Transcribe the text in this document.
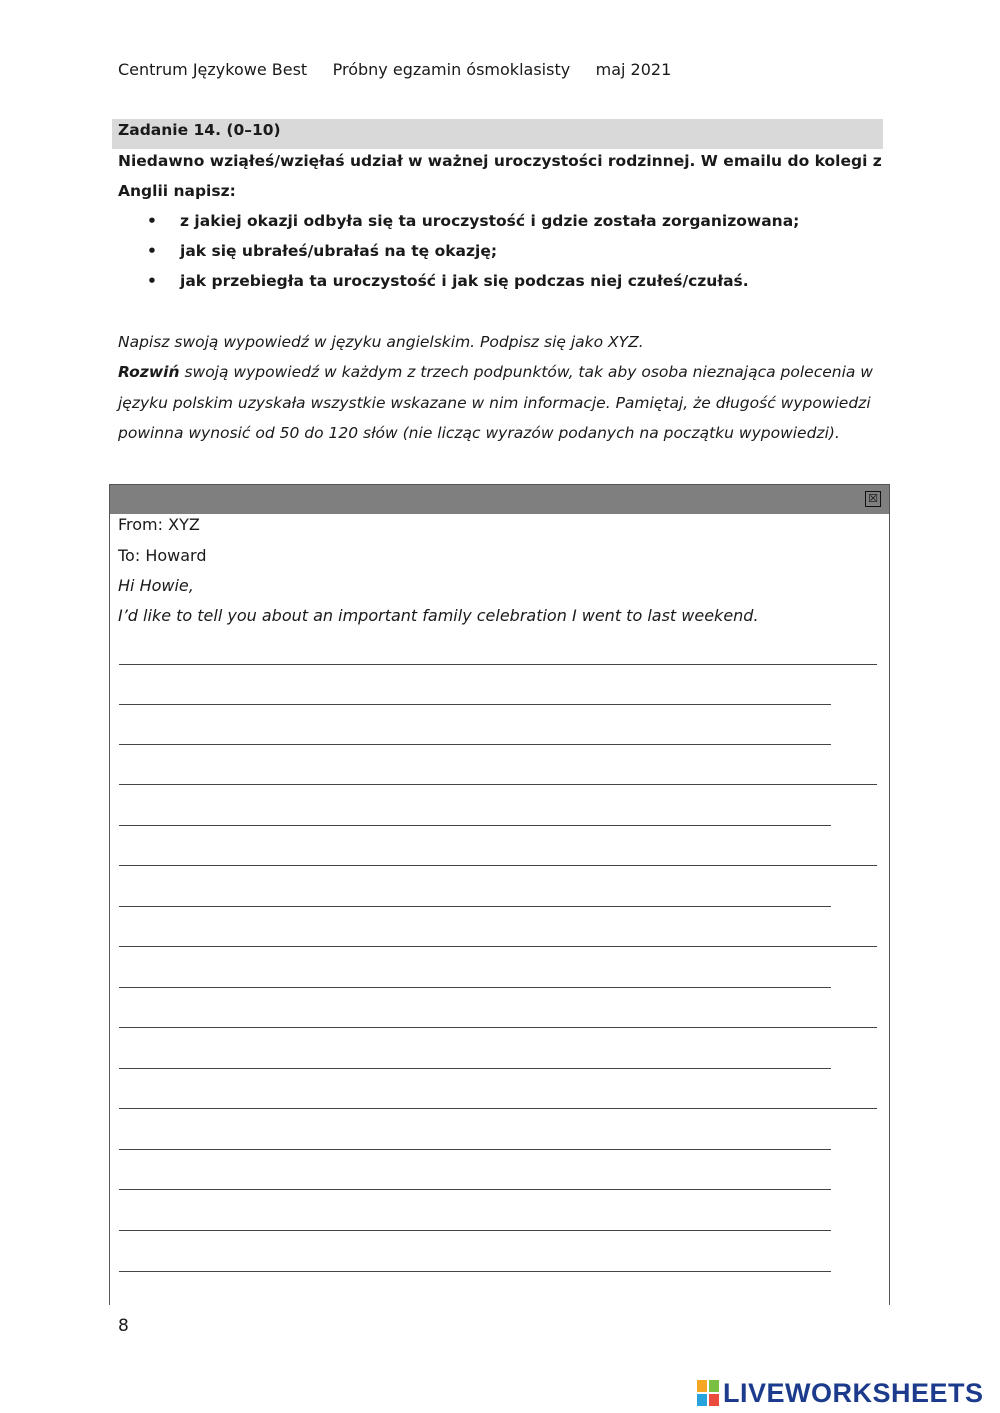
Centrum Językowe Best     Próbny egzamin ósmoklasisty     maj 2021
Zadanie 14. (0–10)
Niedawno wziąłeś/wzięłaś udział w ważnej uroczystości rodzinnej. W emailu do kolegi z Anglii napisz:
• z jakiej okazji odbyła się ta uroczystość i gdzie została zorganizowana;
• jak się ubrałeś/ubrałaś na tę okazję;
• jak przebiegła ta uroczystość i jak się podczas niej czułeś/czułaś.
Napisz swoją wypowiedź w języku angielskim. Podpisz się jako XYZ.
Rozwiń swoją wypowiedź w każdym z trzech podpunktów, tak aby osoba nieznająca polecenia w
języku polskim uzyskała wszystkie wskazane w nim informacje. Pamiętaj, że długość wypowiedzi
powinna wynosić od 50 do 120 słów (nie licząc wyrazów podanych na początku wypowiedzi).
☒
From: XYZ
To: Howard
Hi Howie,
I’d like to tell you about an important family celebration I went to last weekend.
8
LIVEWORKSHEETS
